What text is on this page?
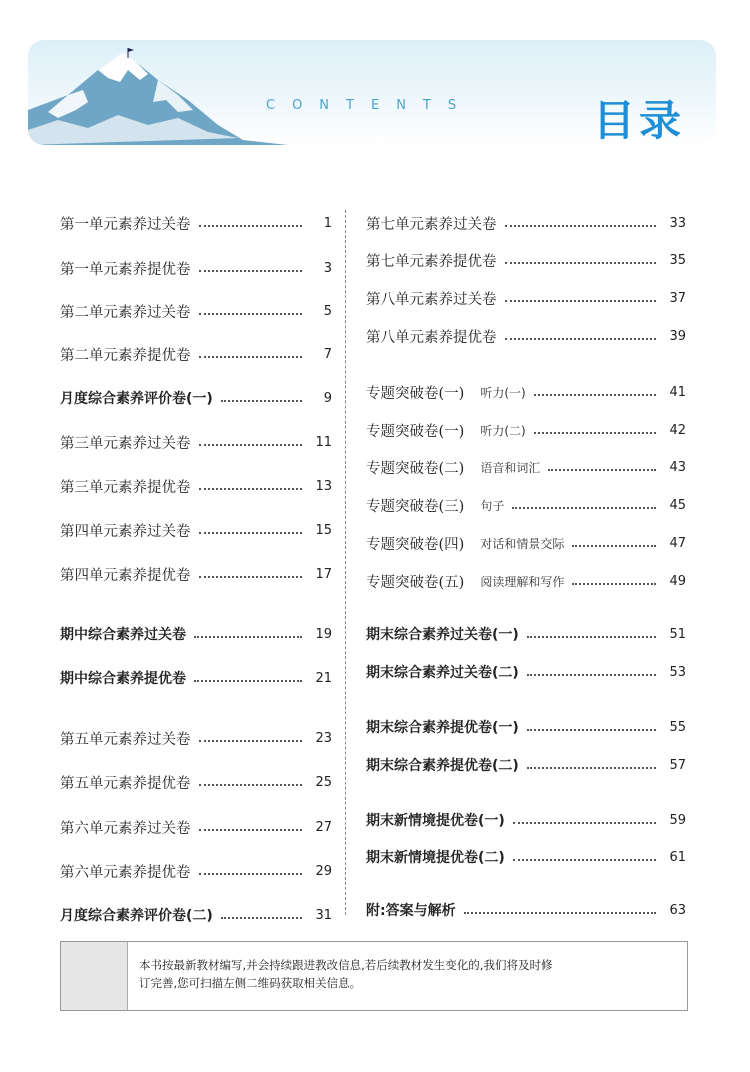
CONTENTS	目录
第一单元素养过关卷	1
第一单元素养提优卷	3
第二单元素养过关卷	5
第二单元素养提优卷	7
月度综合素养评价卷(一)	9
第三单元素养过关卷	11
第三单元素养提优卷	13
第四单元素养过关卷	15
第四单元素养提优卷	17
期中综合素养过关卷	19
期中综合素养提优卷	21
第五单元素养过关卷	23
第五单元素养提优卷	25
第六单元素养过关卷	27
第六单元素养提优卷	29
月度综合素养评价卷(二)	31
第七单元素养过关卷	33
第七单元素养提优卷	35
第八单元素养过关卷	37
第八单元素养提优卷	39
专题突破卷(一) 听力(一)	41
专题突破卷(一) 听力(二)	42
专题突破卷(二) 语音和词汇	43
专题突破卷(三) 句子	45
专题突破卷(四) 对话和情景交际	47
专题突破卷(五) 阅读理解和写作	49
期末综合素养过关卷(一)	51
期末综合素养过关卷(二)	53
期末综合素养提优卷(一)	55
期末综合素养提优卷(二)	57
期末新情境提优卷(一)	59
期末新情境提优卷(二)	61
附:答案与解析	63
本书按最新教材编写,并会持续跟进教改信息,若后续教材发生变化的,我们将及时修
订完善,您可扫描左侧二维码获取相关信息。
